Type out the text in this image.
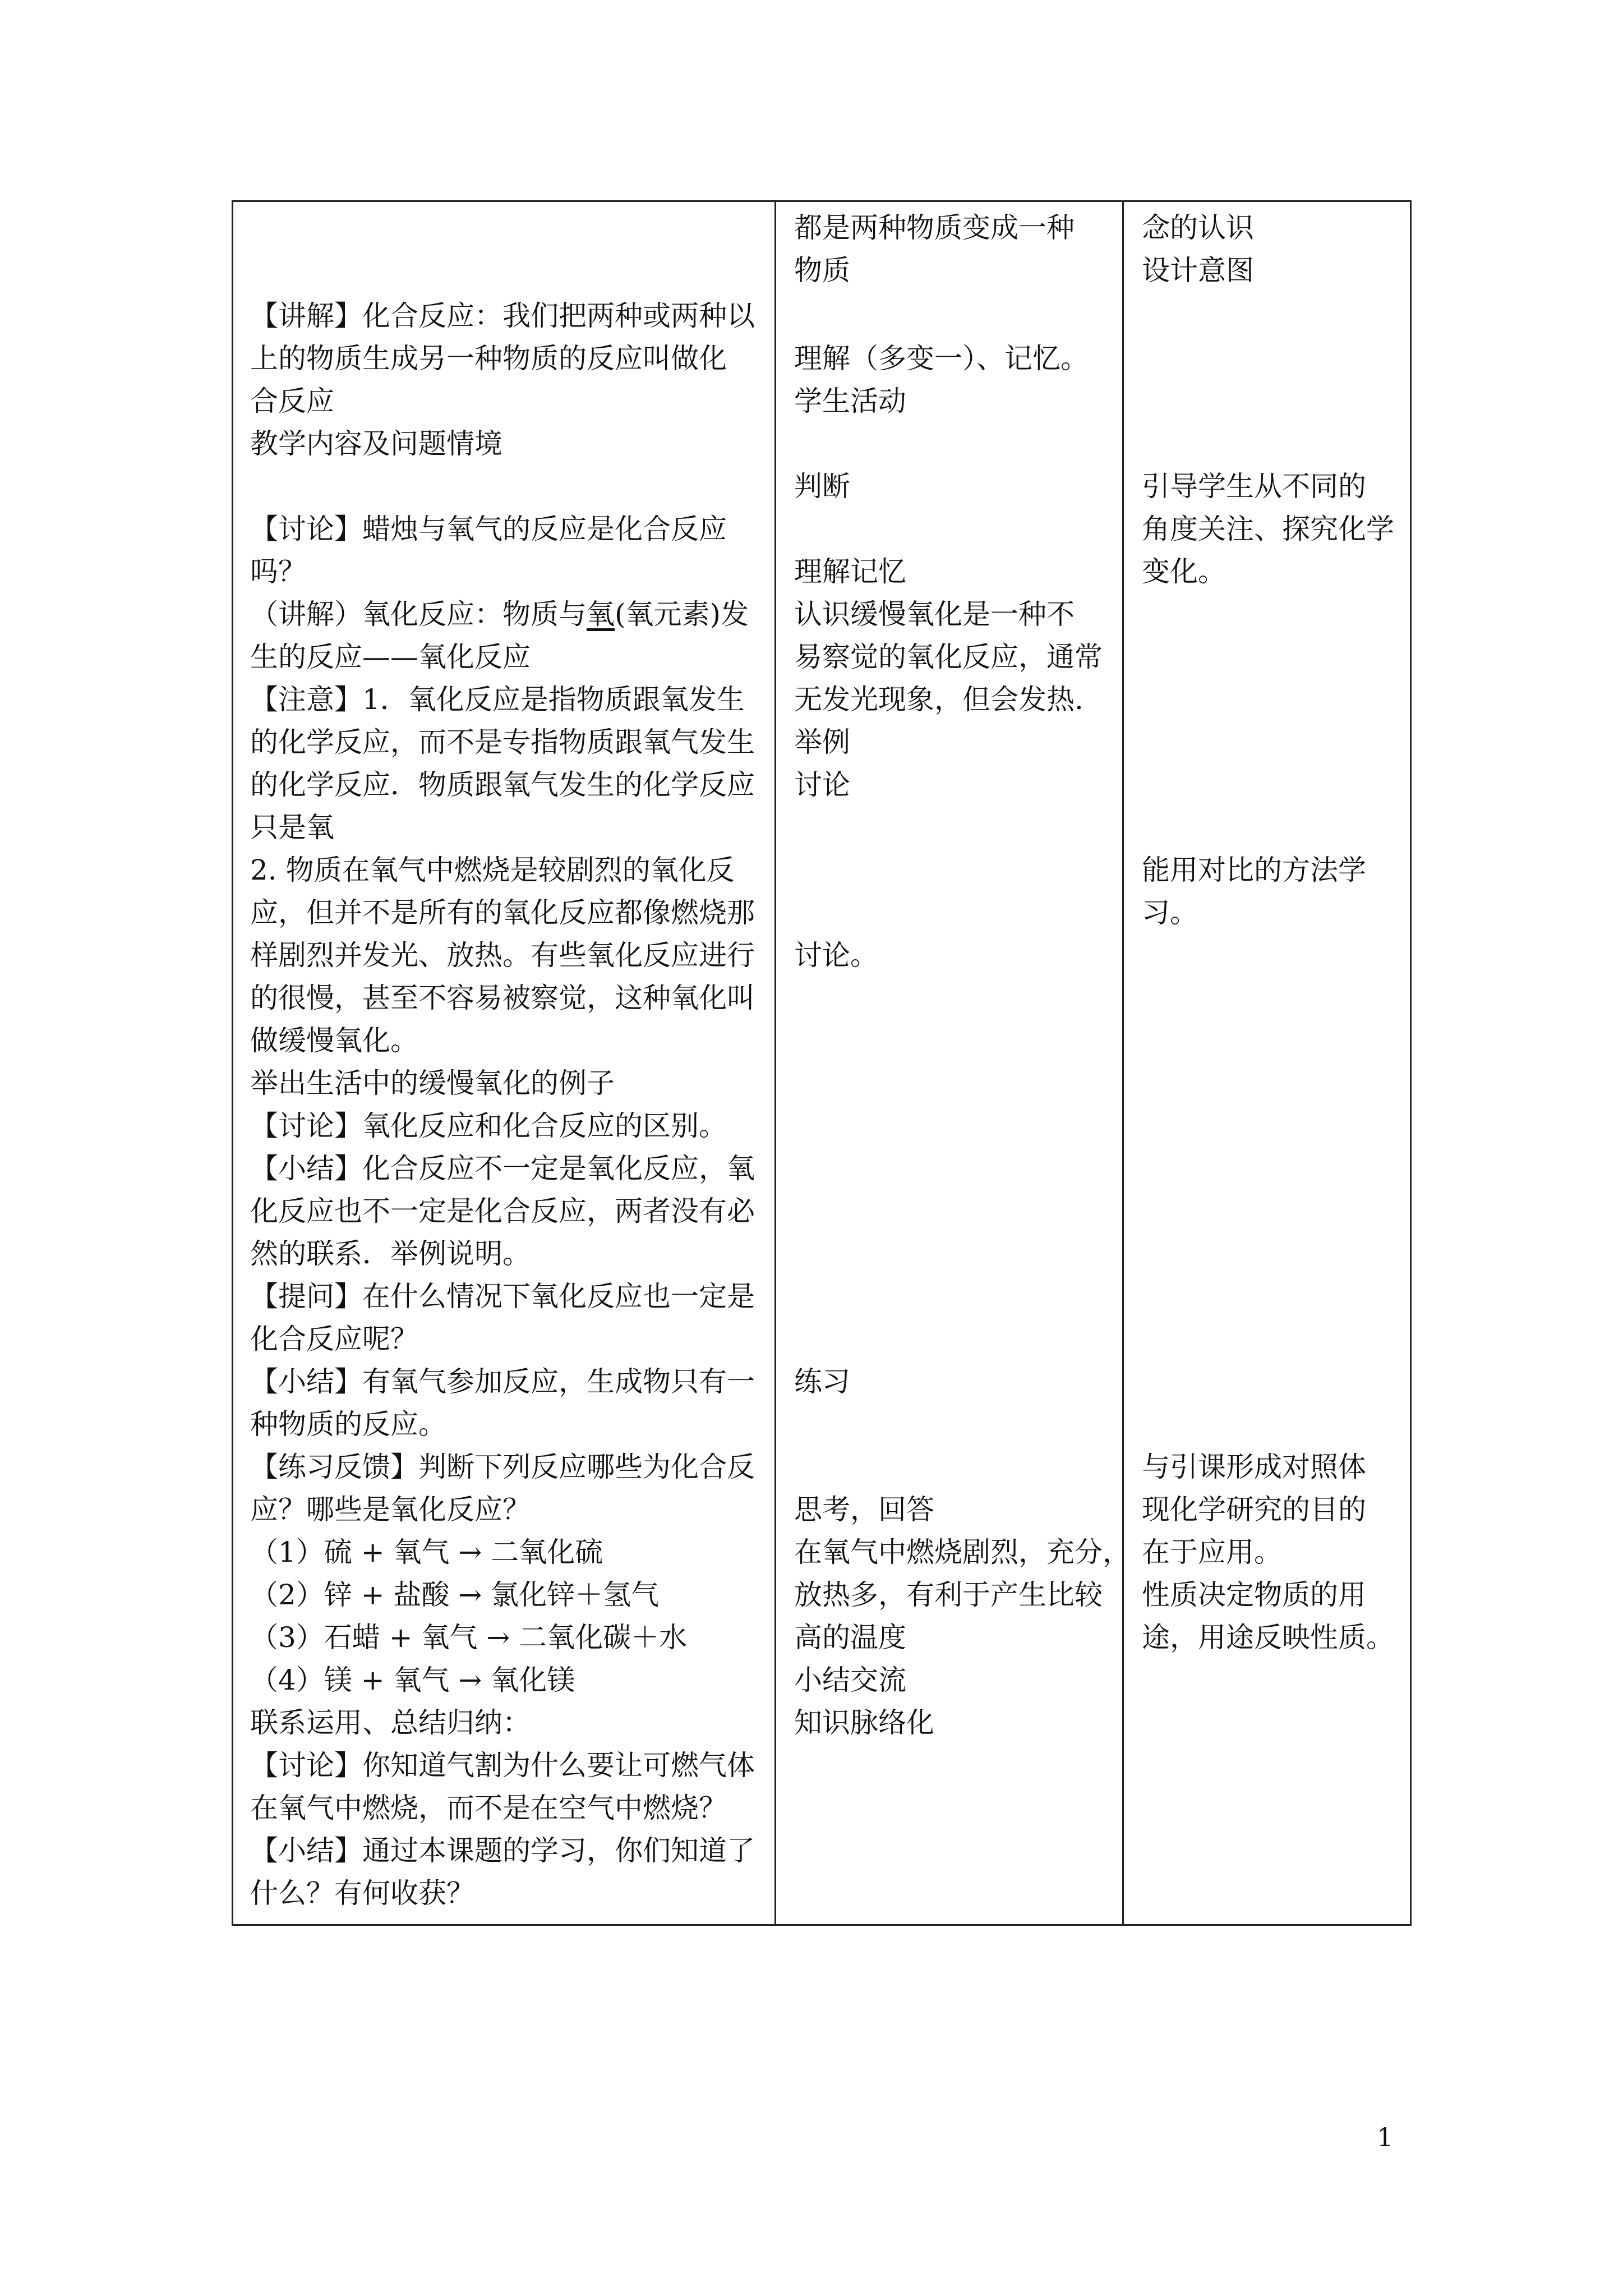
【讲解】化合反应：我们把两种或两种以
上的物质生成另一种物质的反应叫做化
合反应
教学内容及问题情境
【讨论】蜡烛与氧气的反应是化合反应
吗？
（讲解）氧化反应：物质与氧(氧元素)发
生的反应——氧化反应
【注意】1．氧化反应是指物质跟氧发生
的化学反应，而不是专指物质跟氧气发生
的化学反应．物质跟氧气发生的化学反应
只是氧
2. 物质在氧气中燃烧是较剧烈的氧化反
应，但并不是所有的氧化反应都像燃烧那
样剧烈并发光、放热。有些氧化反应进行
的很慢，甚至不容易被察觉，这种氧化叫
做缓慢氧化。
举出生活中的缓慢氧化的例子
【讨论】氧化反应和化合反应的区别。
【小结】化合反应不一定是氧化反应，氧
化反应也不一定是化合反应，两者没有必
然的联系．举例说明。
【提问】在什么情况下氧化反应也一定是
化合反应呢？
【小结】有氧气参加反应，生成物只有一
种物质的反应。
【练习反馈】判断下列反应哪些为化合反
应？哪些是氧化反应？
（1）硫 + 氧气 → 二氧化硫
（2）锌 + 盐酸 → 氯化锌＋氢气
（3）石蜡 + 氧气 → 二氧化碳＋水
（4）镁 + 氧气 → 氧化镁
联系运用、总结归纳：
【讨论】你知道气割为什么要让可燃气体
在氧气中燃烧，而不是在空气中燃烧？
【小结】通过本课题的学习，你们知道了
什么？有何收获？
都是两种物质变成一种
物质
理解（多变一）、记忆。
学生活动
判断
理解记忆
认识缓慢氧化是一种不
易察觉的氧化反应，通常
无发光现象，但会发热.
举例
讨论
讨论。
练习
思考，回答
在氧气中燃烧剧烈，充分，
放热多，有利于产生比较
高的温度
小结交流
知识脉络化
念的认识
设计意图
引导学生从不同的
角度关注、探究化学
变化。
能用对比的方法学
习。
与引课形成对照体
现化学研究的目的
在于应用。
性质决定物质的用
途，用途反映性质。
1
